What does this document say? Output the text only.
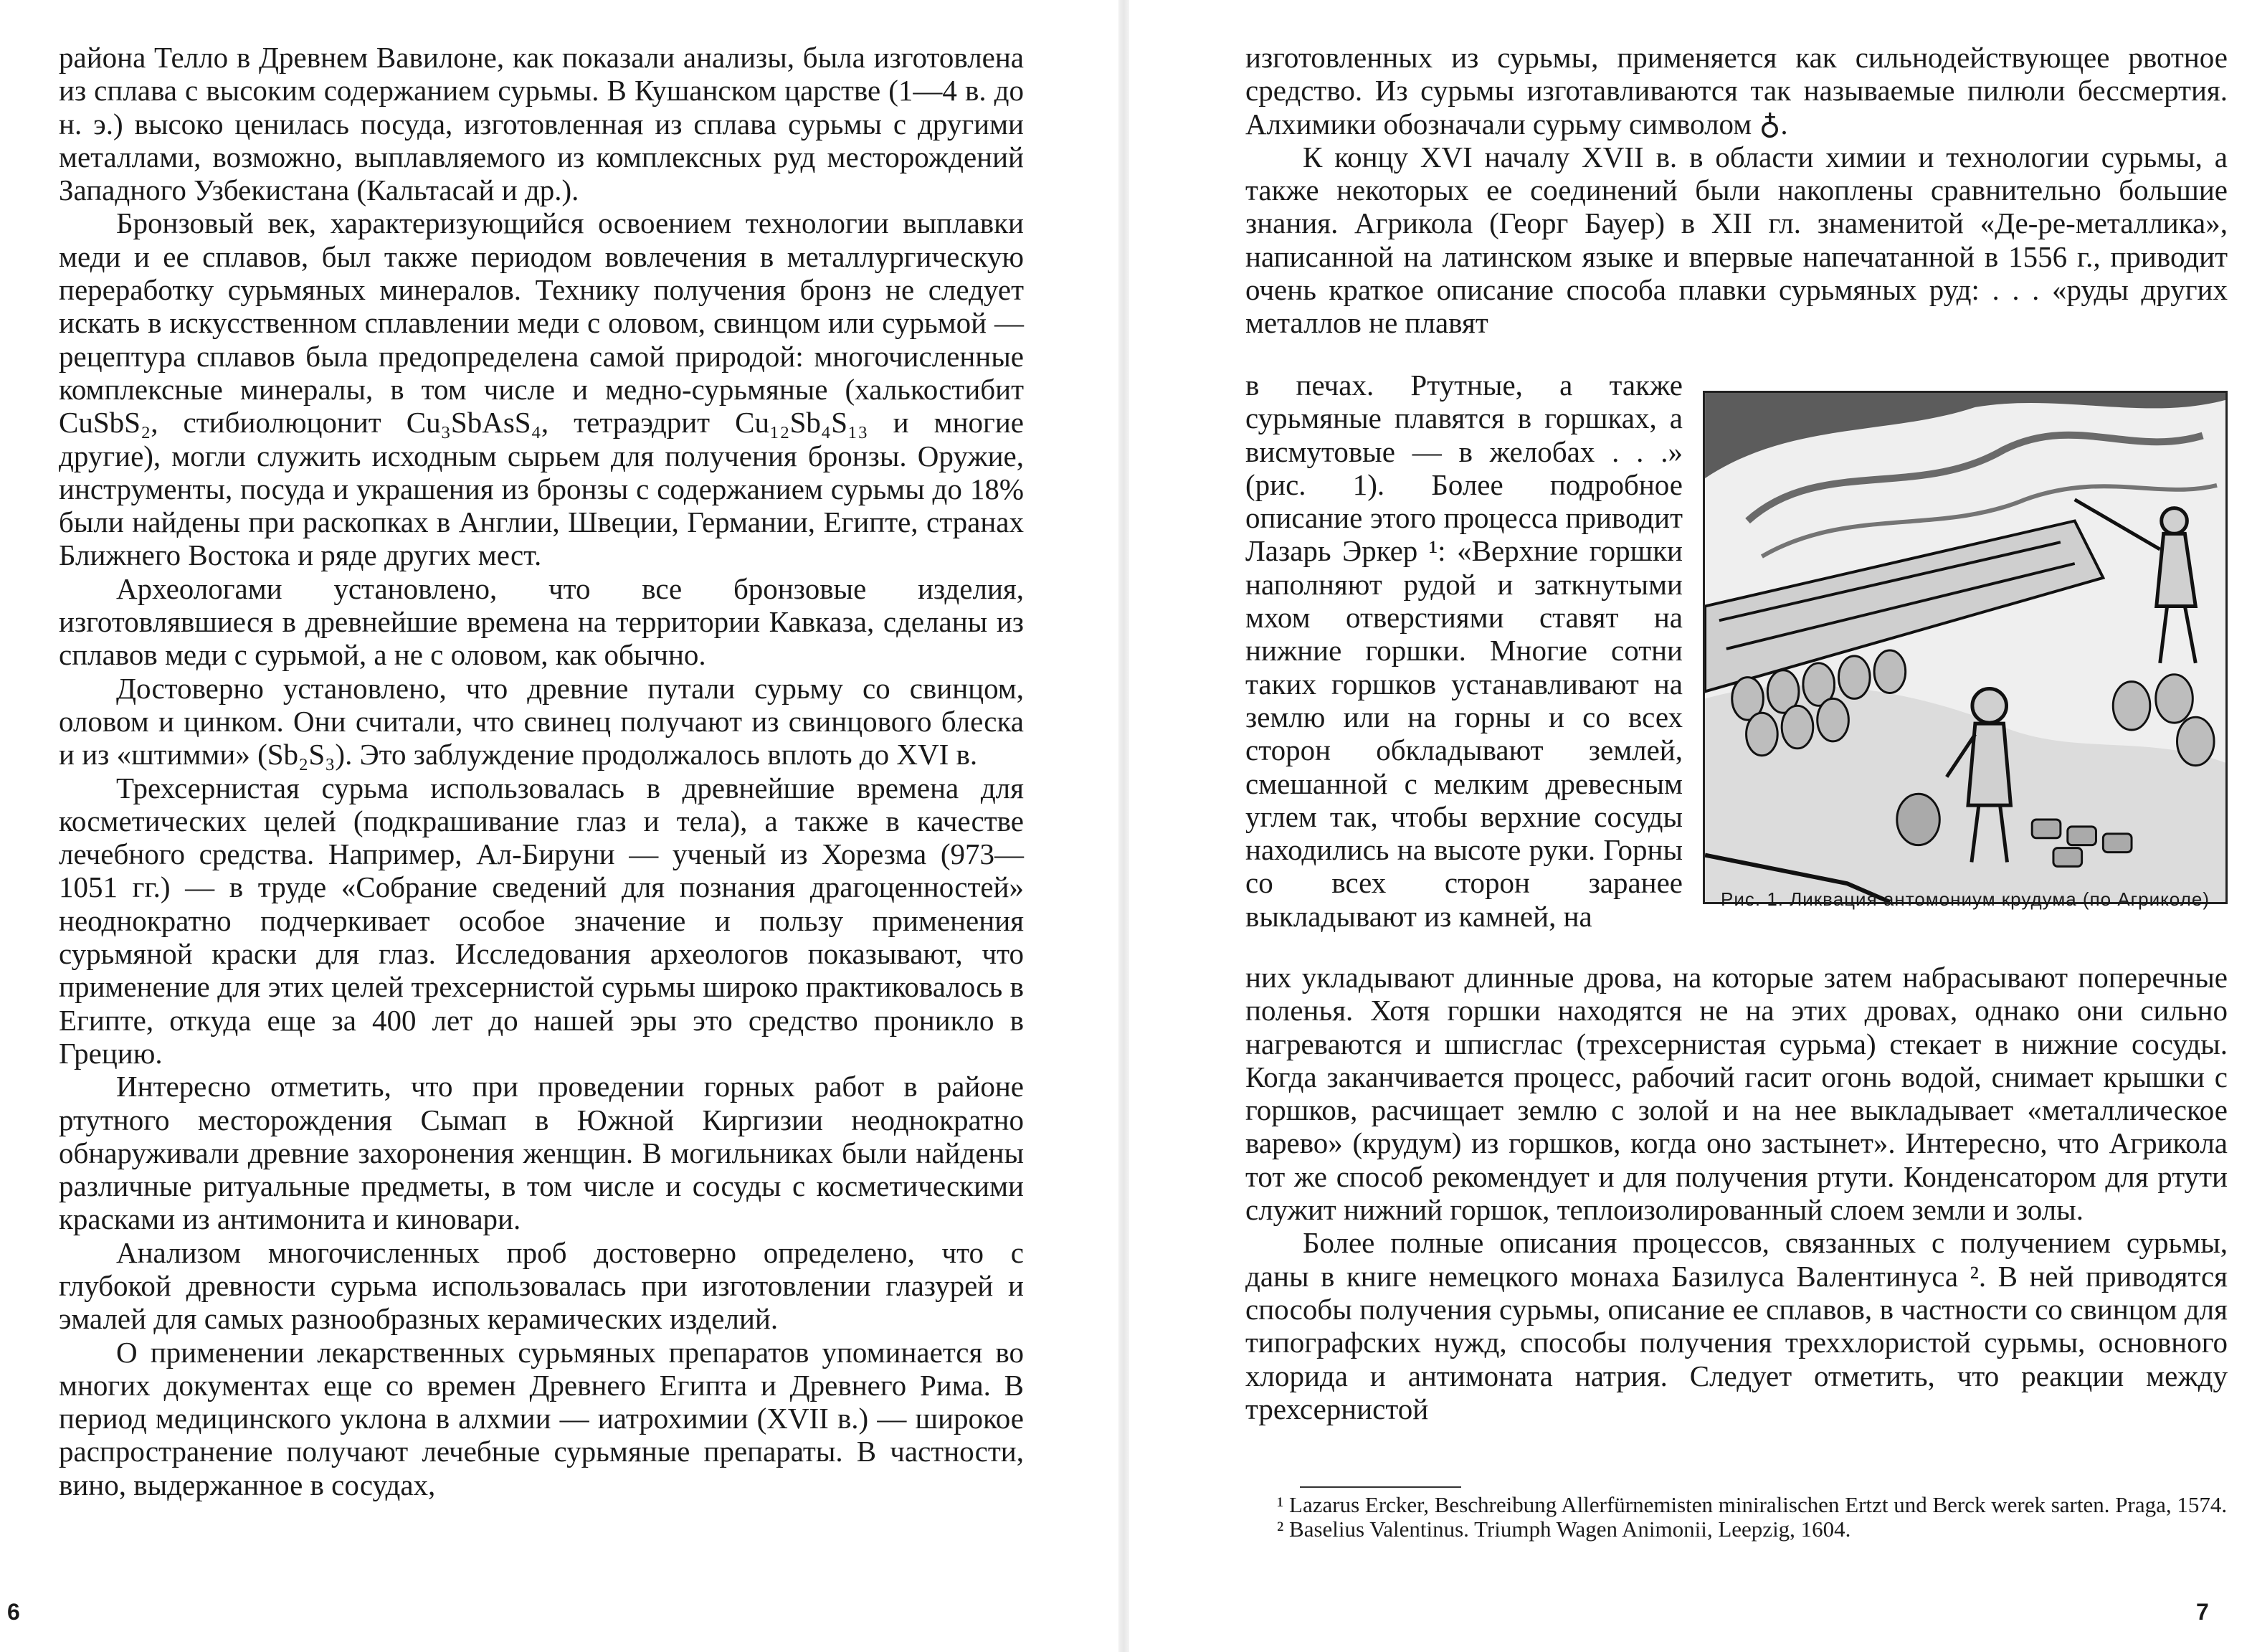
района Телло в Древнем Вавилоне, как показали анализы, была изготовлена из сплава с высоким содержанием сурьмы. В Кушанском царстве (1—4 в. до н. э.) высоко ценилась посуда, изготовленная из сплава сурьмы с другими металлами, возможно, выплавляемого из комплексных руд месторождений Западного Узбекистана (Кальтасай и др.).

Бронзовый век, характеризующийся освоением технологии выплавки меди и ее сплавов, был также периодом вовлечения в металлургическую переработку сурьмяных минералов. Технику получения бронз не следует искать в искусственном сплавлении меди с оловом, свинцом или сурьмой — рецептура сплавов была предопределена самой природой: многочисленные комплексные минералы, в том числе и медно-сурьмяные (халькостибит CuSbS₂, стибиолюцонит Cu₃SbAsS₄, тетраэдрит Cu₁₂Sb₄S₁₃ и многие другие), могли служить исходным сырьем для получения бронзы. Оружие, инструменты, посуда и украшения из бронзы с содержанием сурьмы до 18% были найдены при раскопках в Англии, Швеции, Германии, Египте, странах Ближнего Востока и ряде других мест.

Археологами установлено, что все бронзовые изделия, изготовлявшиеся в древнейшие времена на территории Кавказа, сделаны из сплавов меди с сурьмой, а не с оловом, как обычно.

Достоверно установлено, что древние путали сурьму со свинцом, оловом и цинком. Они считали, что свинец получают из свинцового блеска и из «штимми» (Sb₂S₃). Это заблуждение продолжалось вплоть до XVI в.

Трехсернистая сурьма использовалась в древнейшие времена для косметических целей (подкрашивание глаз и тела), а также в качестве лечебного средства. Например, Ал-Бируни — ученый из Хорезма (973—1051 гг.) — в труде «Собрание сведений для познания драгоценностей» неоднократно подчеркивает особое значение и пользу применения сурьмяной краски для глаз. Исследования археологов показывают, что применение для этих целей трехсернистой сурьмы широко практиковалось в Египте, откуда еще за 400 лет до нашей эры это средство проникло в Грецию.

Интересно отметить, что при проведении горных работ в районе ртутного месторождения Сымап в Южной Киргизии неоднократно обнаруживали древние захоронения женщин. В могильниках были найдены различные ритуальные предметы, в том числе и сосуды с косметическими красками из антимонита и киновари.

Анализом многочисленных проб достоверно определено, что с глубокой древности сурьма использовалась при изготовлении глазурей и эмалей для самых разнообразных керамических изделий.

О применении лекарственных сурьмяных препаратов упоминается во многих документах еще со времен Древнего Египта и Древнего Рима. В период медицинского уклона в алхмии — иатрохимии (XVII в.) — широкое распространение получают лечебные сурьмяные препараты. В частности, вино, выдержанное в сосудах,

6

изготовленных из сурьмы, применяется как сильнодействующее рвотное средство. Из сурьмы изготавливаются так называемые пилюли бессмертия. Алхимики обозначали сурьму символом ♁.

К концу XVI началу XVII в. в области химии и технологии сурьмы, а также некоторых ее соединений были накоплены сравнительно большие знания. Агрикола (Георг Бауер) в XII гл. знаменитой «Де-ре-металлика», написанной на латинском языке и впервые напечатанной в 1556 г., приводит очень краткое описание способа плавки сурьмяных руд: . . . «руды других металлов не плавят

в печах. Ртутные, а также сурьмяные плавятся в горшках, а висмутовые — в желобах . . .» (рис. 1). Более подробное описание этого процесса приводит Лазарь Эркер ¹: «Верхние горшки наполняют рудой и заткнутыми мхом отверстиями ставят на нижние горшки. Многие сотни таких горшков устанавливают на землю или на горны и со всех сторон обкладывают землей, смешанной с мелким древесным углем так, чтобы верхние сосуды находились на высоте руки. Горны со всех сторон заранее выкладывают из камней, на

Рис. 1. Ликвация антомониум крудума (по Агриколе)

них укладывают длинные дрова, на которые затем набрасывают поперечные поленья. Хотя горшки находятся не на этих дровах, однако они сильно нагреваются и шписглас (трехсернистая сурьма) стекает в нижние сосуды. Когда заканчивается процесс, рабочий гасит огонь водой, снимает крышки с горшков, расчищает землю с золой и на нее выкладывает «металлическое варево» (крудум) из горшков, когда оно застынет». Интересно, что Агрикола тот же способ рекомендует и для получения ртути. Конденсатором для ртути служит нижний горшок, теплоизолированный слоем земли и золы.

Более полные описания процессов, связанных с получением сурьмы, даны в книге немецкого монаха Базилуса Валентинуса ². В ней приводятся способы получения сурьмы, описание ее сплавов, в частности со свинцом для типографских нужд, способы получения треххлористой сурьмы, основного хлорида и антимоната натрия. Следует отметить, что реакции между трехсернистой

¹ Lazarus Ercker, Beschreibung Allerfürnemisten miniralischen Ertzt und Berck werek sarten. Praga, 1574.

² Baselius Valentinus. Triumph Wagen Animonii, Leepzig, 1604.

7
